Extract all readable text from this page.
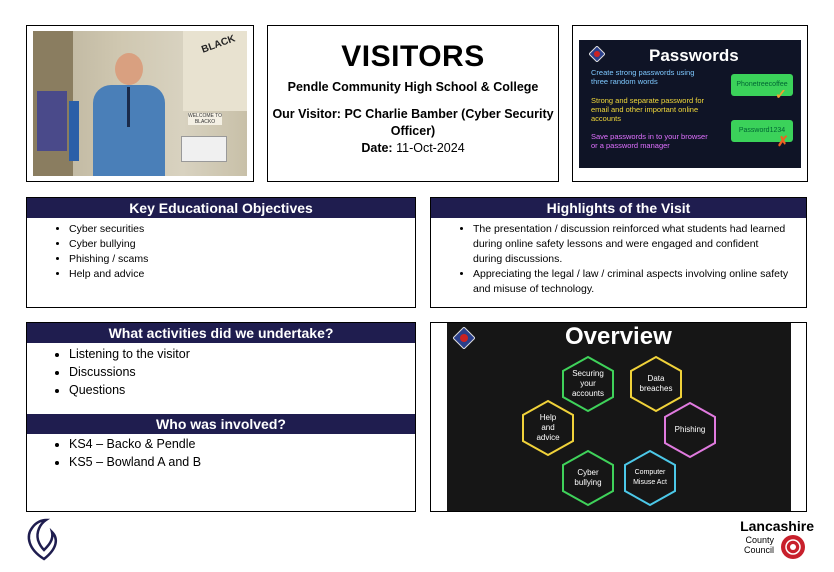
BLACK
WELCOME TO BLACKO
VISITORS
Pendle Community High School & College
Our Visitor: PC Charlie Bamber (Cyber Security Officer)
Date: 11-Oct-2024
Passwords
Create strong passwords using three random words
Strong and separate password for email and other important online accounts
Save passwords in to your browser or a password manager
Phonetreecoffee
✓
Password1234
✗
Key Educational Objectives
• Cyber securities
• Cyber bullying
• Phishing / scams
• Help and advice
Highlights of the Visit
• The presentation / discussion reinforced what students had learned during online safety lessons and were engaged and confident during discussions.
• Appreciating the legal / law / criminal aspects involving online safety and misuse of technology.
What activities did we undertake?
• Listening to the visitor
• Discussions
• Questions
Who was involved?
• KS4 – Backo & Pendle
• KS5 – Bowland A and B
Overview
Securing your accounts
Data breaches
Help and advice
Phishing
Cyber bullying
Computer Misuse Act
Lancashire
County
Council
